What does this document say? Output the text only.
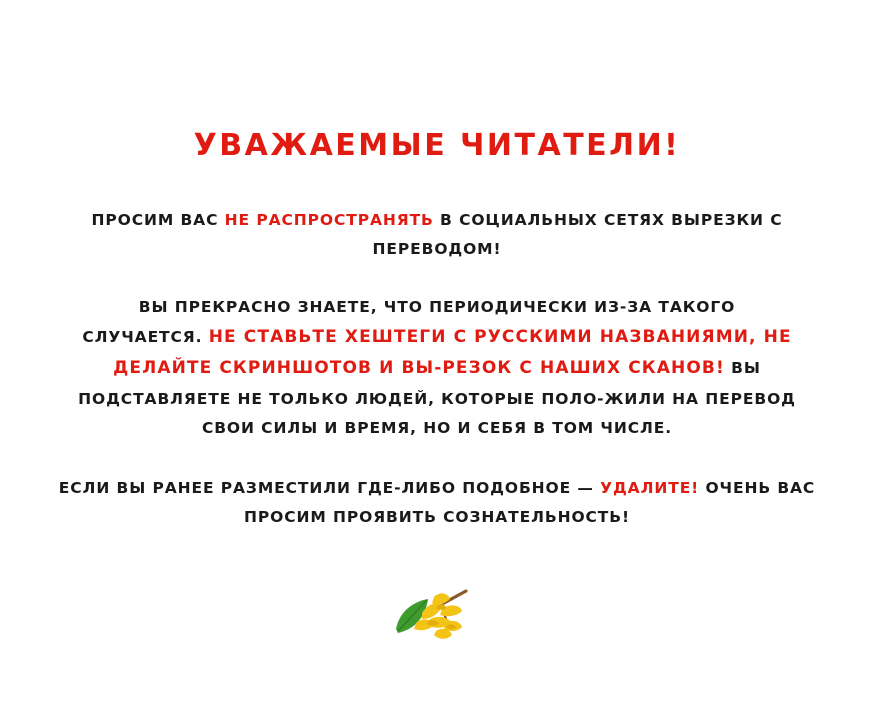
УВАЖАЕМЫЕ ЧИТАТЕЛИ!
ПРОСИМ ВАС НЕ РАСПРОСТРАНЯТЬ В СОЦИАЛЬНЫХ СЕТЯХ ВЫРЕЗКИ С ПЕРЕВОДОМ!
ВЫ ПРЕКРАСНО ЗНАЕТЕ, ЧТО ПЕРИОДИЧЕСКИ ИЗ-ЗА ТАКОГО СЛУЧАЕТСЯ. НЕ СТАВЬТЕ ХЕШТЕГИ С РУССКИМИ НАЗВАНИЯМИ, НЕ ДЕЛАЙТЕ СКРИНШОТОВ И ВЫ-РЕЗОК С НАШИХ СКАНОВ! ВЫ ПОДСТАВЛЯЕТЕ НЕ ТОЛЬКО ЛЮДЕЙ, КОТОРЫЕ ПОЛО-ЖИЛИ НА ПЕРЕВОД СВОИ СИЛЫ И ВРЕМЯ, НО И СЕБЯ В ТОМ ЧИСЛЕ.
ЕСЛИ ВЫ РАНЕЕ РАЗМЕСТИЛИ ГДЕ-ЛИБО ПОДОБНОЕ — УДАЛИТЕ! ОЧЕНЬ ВАС ПРОСИМ ПРОЯВИТЬ СОЗНАТЕЛЬНОСТЬ!
